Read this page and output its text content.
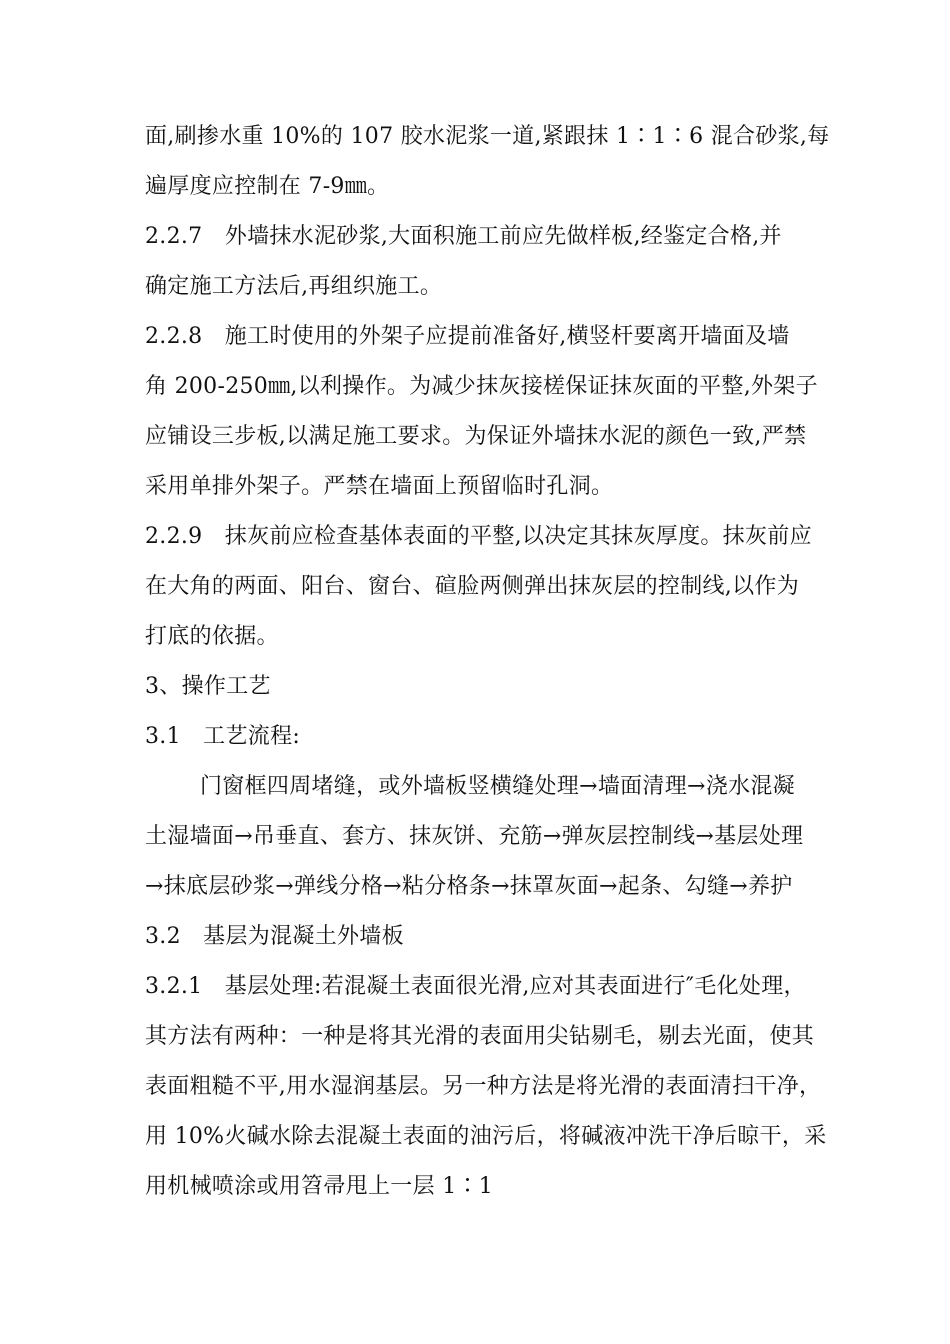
面,刷掺水重 10%的 107 胶水泥浆一道,紧跟抹 1∶1∶6 混合砂浆,每
遍厚度应控制在 7-9㎜。
2.2.7　外墙抹水泥砂浆,大面积施工前应先做样板,经鉴定合格,并
确定施工方法后,再组织施工。
2.2.8　施工时使用的外架子应提前准备好,横竖杆要离开墙面及墙
角 200-250㎜,以利操作。为减少抹灰接槎保证抹灰面的平整,外架子
应铺设三步板,以满足施工要求。为保证外墙抹水泥的颜色一致,严禁
采用单排外架子。严禁在墙面上预留临时孔洞。
2.2.9　抹灰前应检查基体表面的平整,以决定其抹灰厚度。抹灰前应
在大角的两面、阳台、窗台、碹脸两侧弹出抹灰层的控制线,以作为
打底的依据。
3、操作工艺
3.1　工艺流程:
门窗框四周堵缝，或外墙板竖横缝处理→墙面清理→浇水混凝
土湿墙面→吊垂直、套方、抹灰饼、充筋→弹灰层控制线→基层处理
→抹底层砂浆→弹线分格→粘分格条→抹罩灰面→起条、勾缝→养护
3.2　基层为混凝土外墙板
3.2.1　基层处理:若混凝土表面很光滑,应对其表面进行″毛化处理，
其方法有两种：一种是将其光滑的表面用尖钻剔毛，剔去光面，使其
表面粗糙不平,用水湿润基层。另一种方法是将光滑的表面清扫干净，
用 10%火碱水除去混凝土表面的油污后，将碱液冲洗干净后晾干，采
用机械喷涂或用笤帚甩上一层 1∶1
